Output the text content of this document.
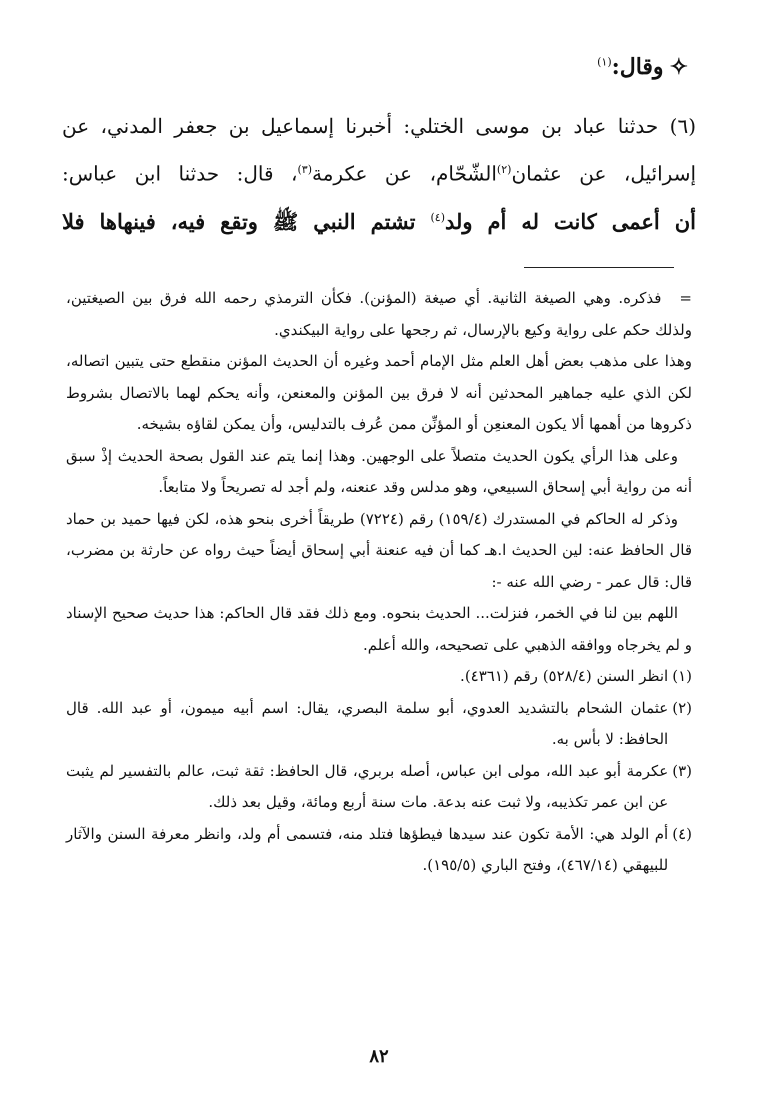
✧وقال:$^{(١)}$
(٦) حدثنا عباد بن موسى الختلي: أخبرنا إسماعيل بن جعفر المدني، عن
إسرائيل، عن عثمان$^{(٢)}$الشّحّام، عن عكرمة$^{(٣)}$، قال: حدثنا ابن عباس:
أن أعمى كانت له أم ولد$^{(٤)}$ تشتم النبي ﷺ وتقع فيه، فينهاها فلا

=فذكره. وهي الصيغة الثانية. أي صيغة (المؤنن). فكأن الترمذي رحمه الله فرق بين الصيغتين، ولذلك حكم على رواية وكيع بالإرسال، ثم رجحها على رواية البيكندي.

وهذا على مذهب بعض أهل العلم مثل الإمام أحمد وغيره أن الحديث المؤنن منقطع حتى يتبين اتصاله، لكن الذي عليه جماهير المحدثين أنه لا فرق بين المؤنن والمعنعن، وأنه يحكم لهما بالاتصال بشروط ذكروها من أهمها ألا يكون المعنعِن أو المؤنِّن ممن عُرف بالتدليس، وأن يمكن لقاؤه بشيخه.

وعلى هذا الرأي يكون الحديث متصلاً على الوجهين. وهذا إنما يتم عند القول بصحة الحديث إذْ سبق أنه من رواية أبي إسحاق السبيعي، وهو مدلس وقد عنعنه، ولم أجد له تصريحاً ولا متابعاً.

وذكر له الحاكم في المستدرك (١٥٩/٤) رقم (٧٢٢٤) طريقاً أخرى بنحو هذه، لكن فيها حميد بن حماد قال الحافظ عنه: لين الحديث ا.هـ كما أن فيه عنعنة أبي إسحاق أيضاً حيث رواه عن حارثة بن مضرب، قال: قال عمر - رضي الله عنه -:

اللهم بين لنا في الخمر، فنزلت... الحديث بنحوه. ومع ذلك فقد قال الحاكم: هذا حديث صحيح الإسناد و لم يخرجاه ووافقه الذهبي على تصحيحه، والله أعلم.

(١)
انظر السنن (٥٢٨/٤) رقم (٤٣٦١).
(٢)
عثمان الشحام بالتشديد العدوي، أبو سلمة البصري، يقال: اسم أبيه ميمون، أو عبد الله. قال الحافظ: لا بأس به.
(٣)
عكرمة أبو عبد الله، مولى ابن عباس، أصله بربري، قال الحافظ: ثقة ثبت، عالم بالتفسير لم يثبت عن ابن عمر تكذيبه، ولا ثبت عنه بدعة. مات سنة أربع ومائة، وقيل بعد ذلك.
(٤)
أم الولد هي: الأمة تكون عند سيدها فيطؤها فتلد منه، فتسمى أم ولد، وانظر معرفة السنن والآثار للبيهقي (٤٦٧/١٤)، وفتح الباري (١٩٥/٥).
٨٢
